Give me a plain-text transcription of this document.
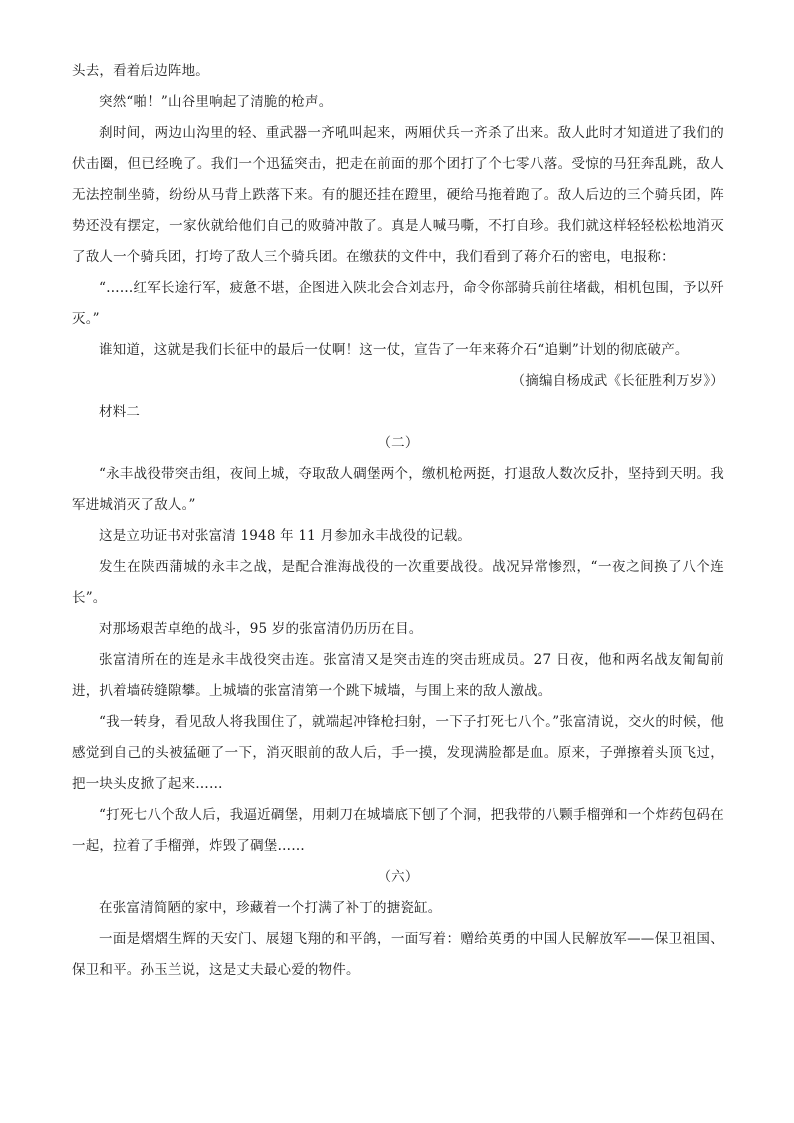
头去，看着后边阵地。

突然“啪！”山谷里响起了清脆的枪声。

刹时间，两边山沟里的轻、重武器一齐吼叫起来，两厢伏兵一齐杀了出来。敌人此时才知道进了我们的伏击圈，但已经晚了。我们一个迅猛突击，把走在前面的那个团打了个七零八落。受惊的马狂奔乱跳，敌人无法控制坐骑，纷纷从马背上跌落下来。有的腿还挂在蹬里，硬给马拖着跑了。敌人后边的三个骑兵团，阵势还没有摆定，一家伙就给他们自己的败骑冲散了。真是人喊马嘶，不打自珍。我们就这样轻轻松松地消灭了敌人一个骑兵团，打垮了敌人三个骑兵团。在缴获的文件中，我们看到了蒋介石的密电，电报称：

“……红军长途行军，疲惫不堪，企图进入陕北会合刘志丹，命令你部骑兵前往堵截，相机包围，予以歼灭。”

谁知道，这就是我们长征中的最后一仗啊！这一仗，宣告了一年来蒋介石“追剿”计划的彻底破产。

（摘编自杨成武《长征胜利万岁》）

材料二

（二）

“永丰战役带突击组，夜间上城，夺取敌人碉堡两个，缴机枪两挺，打退敌人数次反扑，坚持到天明。我军进城消灭了敌人。”

这是立功证书对张富清 1948 年 11 月参加永丰战役的记载。

发生在陕西蒲城的永丰之战，是配合淮海战役的一次重要战役。战况异常惨烈，“一夜之间换了八个连长”。

对那场艰苦卓绝的战斗，95 岁的张富清仍历历在目。

张富清所在的连是永丰战役突击连。张富清又是突击连的突击班成员。27 日夜，他和两名战友匍匐前进，扒着墙砖缝隙攀。上城墙的张富清第一个跳下城墙，与围上来的敌人激战。

“我一转身，看见敌人将我围住了，就端起冲锋枪扫射，一下子打死七八个。”张富清说，交火的时候，他感觉到自己的头被猛砸了一下，消灭眼前的敌人后，手一摸，发现满脸都是血。原来，子弹擦着头顶飞过，把一块头皮掀了起来……

“打死七八个敌人后，我逼近碉堡，用刺刀在城墙底下刨了个洞，把我带的八颗手榴弹和一个炸药包码在一起，拉着了手榴弹，炸毁了碉堡……

（六）

在张富清简陋的家中，珍藏着一个打满了补丁的搪瓷缸。

一面是熠熠生辉的天安门、展翅飞翔的和平鸽，一面写着：赠给英勇的中国人民解放军——保卫祖国、保卫和平。孙玉兰说，这是丈夫最心爱的物件。
